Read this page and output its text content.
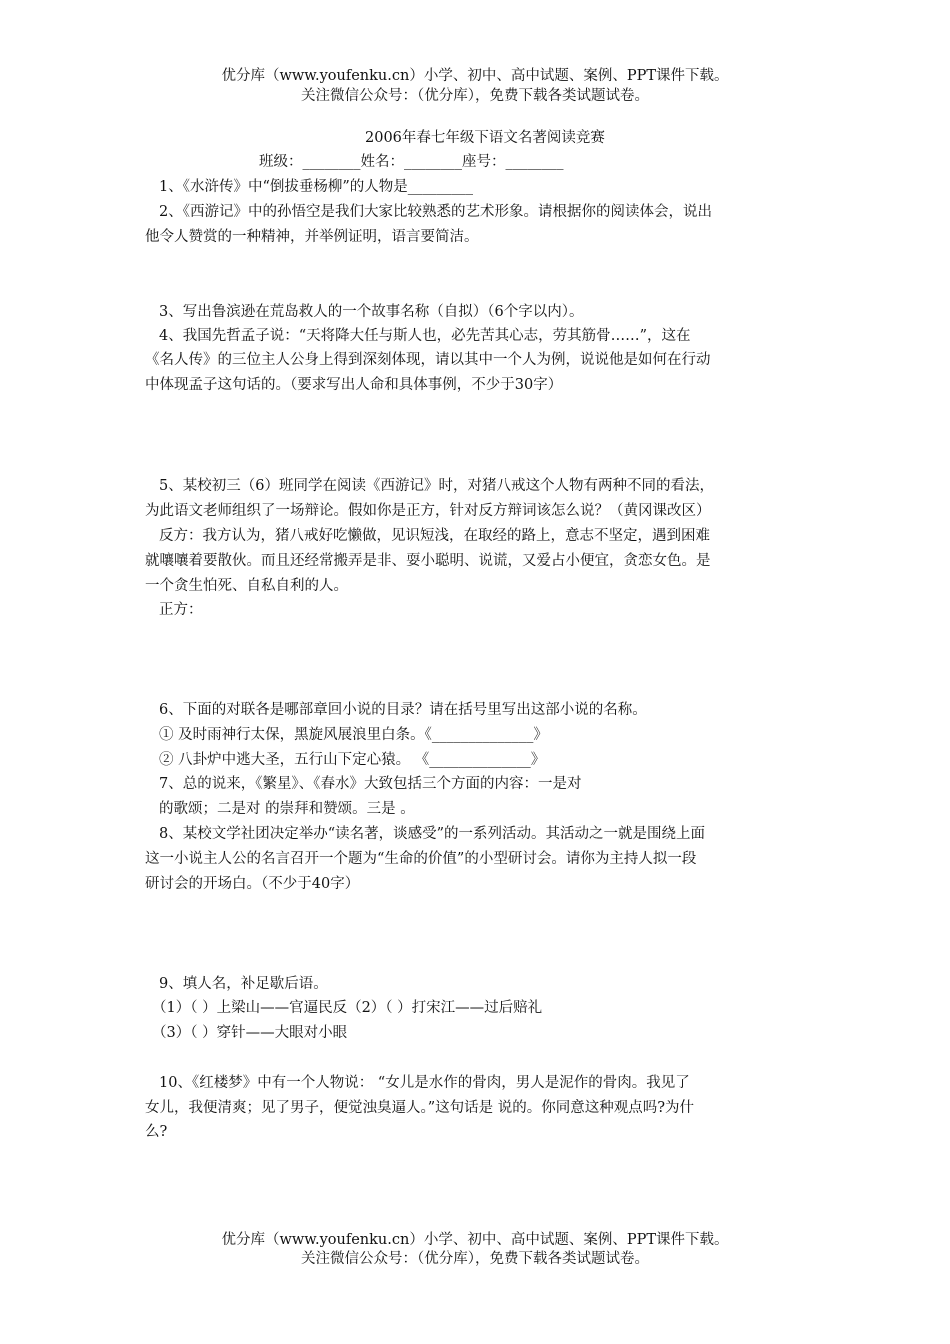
优分库（www.youfenku.cn）小学、初中、高中试题、案例、PPT课件下载。
关注微信公众号：（优分库），免费下载各类试题试卷。
2006年春七年级下语文名著阅读竞赛
班级：________姓名：________座号：________
1、《水浒传》中“倒拔垂杨柳”的人物是_________
2、《西游记》中的孙悟空是我们大家比较熟悉的艺术形象。请根据你的阅读体会，说出
他令人赞赏的一种精神，并举例证明，语言要简洁。
3、写出鲁滨逊在荒岛救人的一个故事名称（自拟）（6个字以内）。
4、我国先哲孟子说：“天将降大任与斯人也，必先苦其心志，劳其筋骨……”，这在
《名人传》的三位主人公身上得到深刻体现，请以其中一个人为例，说说他是如何在行动
中体现孟子这句话的。（要求写出人命和具体事例，不少于30字）
5、某校初三（6）班同学在阅读《西游记》时，对猪八戒这个人物有两种不同的看法，
为此语文老师组织了一场辩论。假如你是正方，针对反方辩词该怎么说？（黄冈课改区）
反方：我方认为，猪八戒好吃懒做，见识短浅，在取经的路上，意志不坚定，遇到困难
就嚷嚷着要散伙。而且还经常搬弄是非、耍小聪明、说谎，又爱占小便宜，贪恋女色。是
一个贪生怕死、自私自利的人。
正方：
6、下面的对联各是哪部章回小说的目录？请在括号里写出这部小说的名称。
① 及时雨神行太保，黑旋风展浪里白条。《______________》
② 八卦炉中逃大圣，五行山下定心猿。 《______________》
7、总的说来，《繁星》、《春水》大致包括三个方面的内容：一是对
的歌颂；二是对 的崇拜和赞颂。三是 。
8、某校文学社团决定举办“读名著，谈感受”的一系列活动。其活动之一就是围绕上面
这一小说主人公的名言召开一个题为“生命的价值”的小型研讨会。请你为主持人拟一段
研讨会的开场白。（不少于40字）
9、填人名，补足歇后语。
（1）（ ）上梁山——官逼民反（2）（ ）打宋江——过后赔礼
（3）（ ）穿针——大眼对小眼
10、《红楼梦》中有一个人物说： “女儿是水作的骨肉，男人是泥作的骨肉。我见了
女儿，我便清爽；见了男子，便觉浊臭逼人。”这句话是 说的。你同意这种观点吗?为什
么?
优分库（www.youfenku.cn）小学、初中、高中试题、案例、PPT课件下载。
关注微信公众号：（优分库），免费下载各类试题试卷。
